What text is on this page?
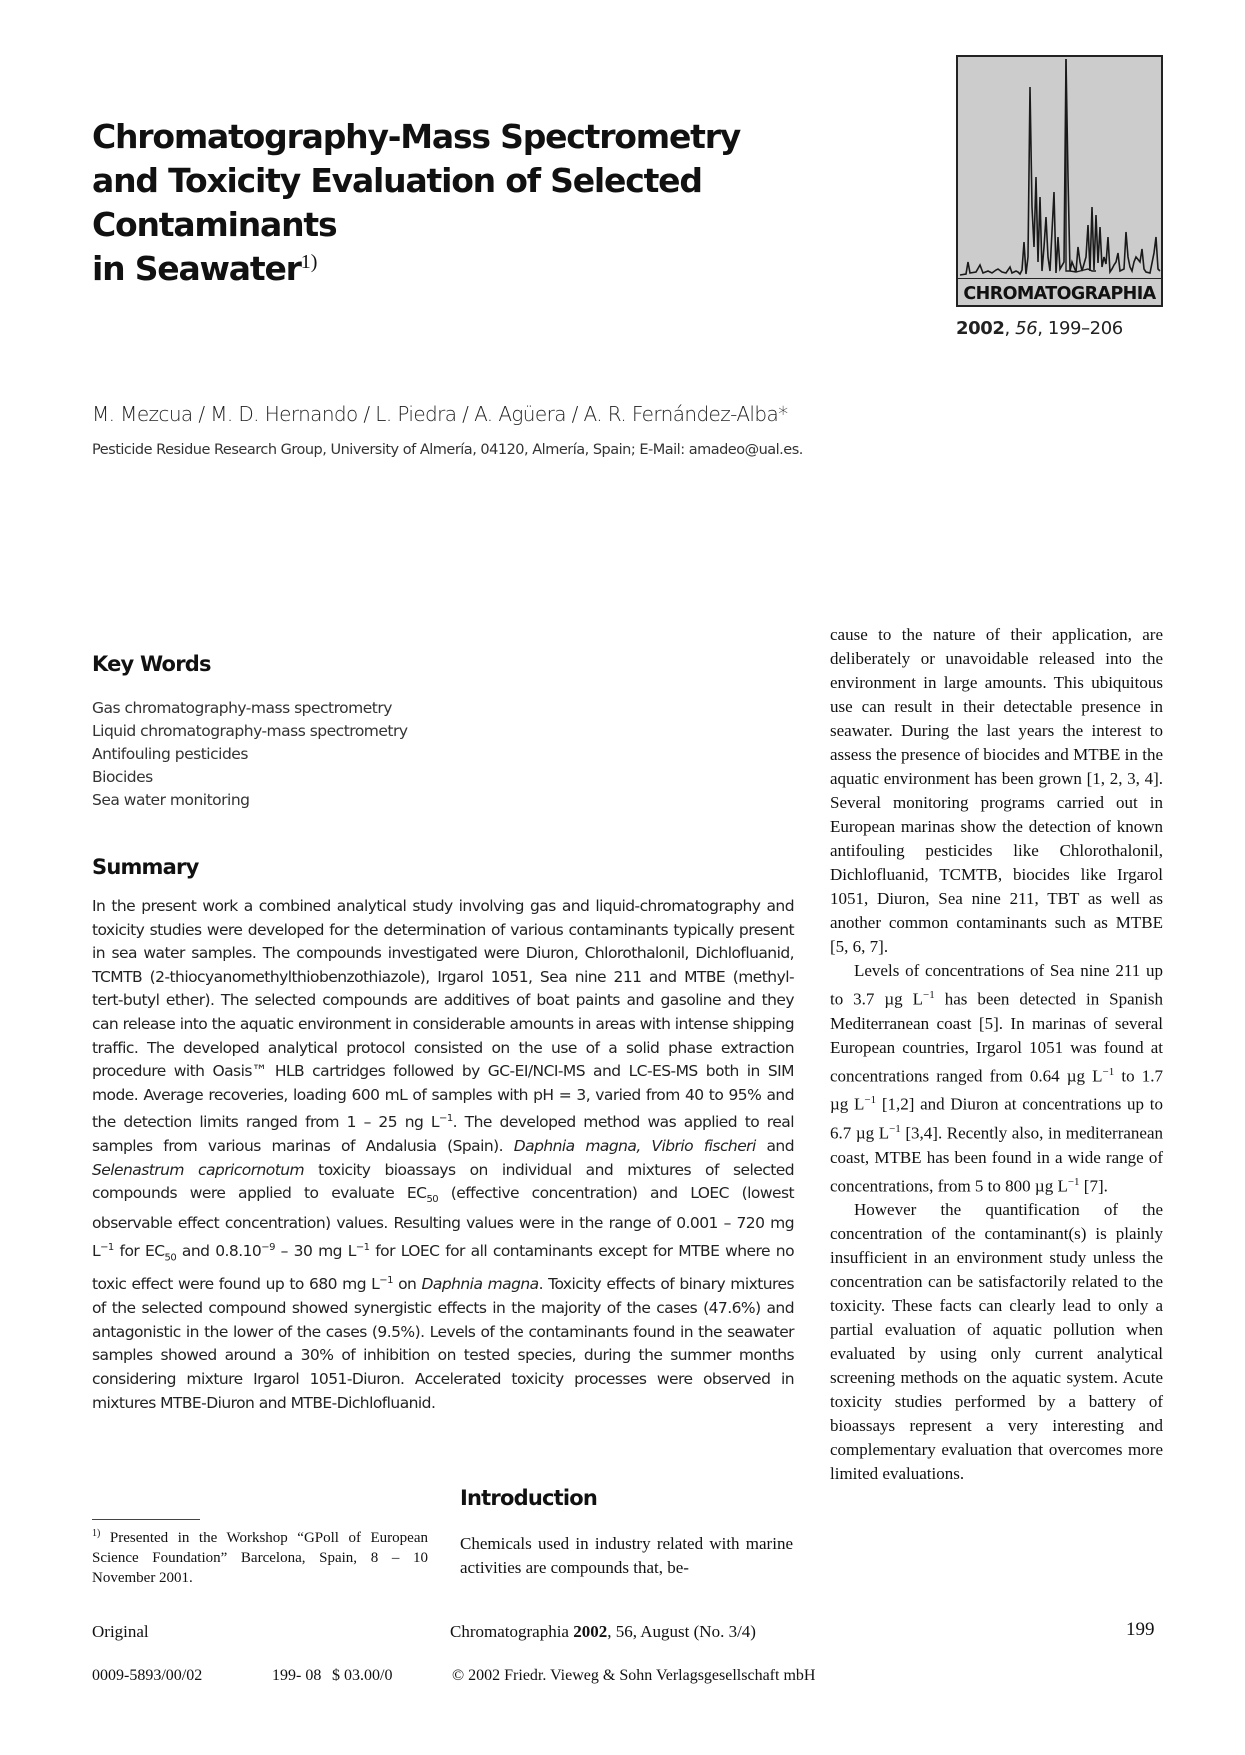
Chromatography-Mass Spectrometry
and Toxicity Evaluation of Selected Contaminants
in Seawater$^{1)}$
CHROMATOGRAPHIA
2002, 56, 199–206
M. Mezcua / M. D. Hernando / L. Piedra / A. Agüera / A. R. Fernández-Alba*
Pesticide Residue Research Group, University of Almería, 04120, Almería, Spain; E-Mail: amadeo@ual.es.
Key Words
Gas chromatography-mass spectrometry
Liquid chromatography-mass spectrometry
Antifouling pesticides
Biocides
Sea water monitoring
Summary
In the present work a combined analytical study involving gas and liquid-chromatography and toxicity studies were developed for the determination of various contaminants typically present in sea water samples. The compounds investigated were Diuron, Chlorothalonil, Dichlofluanid, TCMTB (2-thiocyanomethylthiobenzothiazole), Irgarol 1051, Sea nine 211 and MTBE (methyl-tert-butyl ether). The selected compounds are additives of boat paints and gasoline and they can release into the aquatic environment in considerable amounts in areas with intense shipping traffic. The developed analytical protocol consisted on the use of a solid phase extraction procedure with Oasis™ HLB cartridges followed by GC-EI/NCI-MS and LC-ES-MS both in SIM mode. Average recoveries, loading 600 mL of samples with pH = 3, varied from 40 to 95% and the detection limits ranged from 1 – 25 ng $L^{-1}$. The developed method was applied to real samples from various marinas of Andalusia (Spain). Daphnia magna, Vibrio fischeri and Selenastrum capricornotum toxicity bioassays on individual and mixtures of selected compounds were applied to evaluate $EC_{50}$ (effective concentration) and LOEC (lowest observable effect concentration) values. Resulting values were in the range of 0.001 – 720 mg $L^{-1}$ for $EC_{50}$ and $0.8.10^{-9} - 30$ mg $L^{-1}$ for LOEC for all contaminants except for MTBE where no toxic effect were found up to 680 mg $L^{-1}$ on Daphnia magna. Toxicity effects of binary mixtures of the selected compound showed synergistic effects in the majority of the cases (47.6%) and antagonistic in the lower of the cases (9.5%). Levels of the contaminants found in the seawater samples showed around a 30% of inhibition on tested species, during the summer months considering mixture Irgarol 1051-Diuron. Accelerated toxicity processes were observed in mixtures MTBE-Diuron and MTBE-Dichlofluanid.
$^{1)}$ Presented in the Workshop “GPoll of European Science Foundation” Barcelona, Spain, 8 – 10 November 2001.
Introduction
Chemicals used in industry related with marine activities are compounds that, be-

cause to the nature of their application, are deliberately or unavoidable released into the environment in large amounts. This ubiquitous use can result in their detectable presence in seawater. During the last years the interest to assess the presence of biocides and MTBE in the aquatic environment has been grown [1, 2, 3, 4]. Several monitoring programs carried out in European marinas show the detection of known antifouling pesticides like Chlorothalonil, Dichlofluanid, TCMTB, biocides like Irgarol 1051, Diuron, Sea nine 211, TBT as well as another common contaminants such as MTBE [5, 6, 7].

Levels of concentrations of Sea nine 211 up to 3.7 µg $L^{-1}$ has been detected in Spanish Mediterranean coast [5]. In marinas of several European countries, Irgarol 1051 was found at concentrations ranged from 0.64 µg $L^{-1}$ to 1.7 µg $L^{-1}$ [1,2] and Diuron at concentrations up to 6.7 µg $L^{-1}$ [3,4]. Recently also, in mediterranean coast, MTBE has been found in a wide range of concentrations, from 5 to 800 µg $L^{-1}$ [7].

However the quantification of the concentration of the contaminant(s) is plainly insufficient in an environment study unless the concentration can be satisfactorily related to the toxicity. These facts can clearly lead to only a partial evaluation of aquatic pollution when evaluated by using only current analytical screening methods on the aquatic system. Acute toxicity studies performed by a battery of bioassays represent a very interesting and complementary evaluation that overcomes more limited evaluations.

Original	Chromatographia 2002, 56, August (No. 3/4)	199
0009-5893/00/02	199- 08 $ 03.00/0	© 2002 Friedr. Vieweg & Sohn Verlagsgesellschaft mbH
